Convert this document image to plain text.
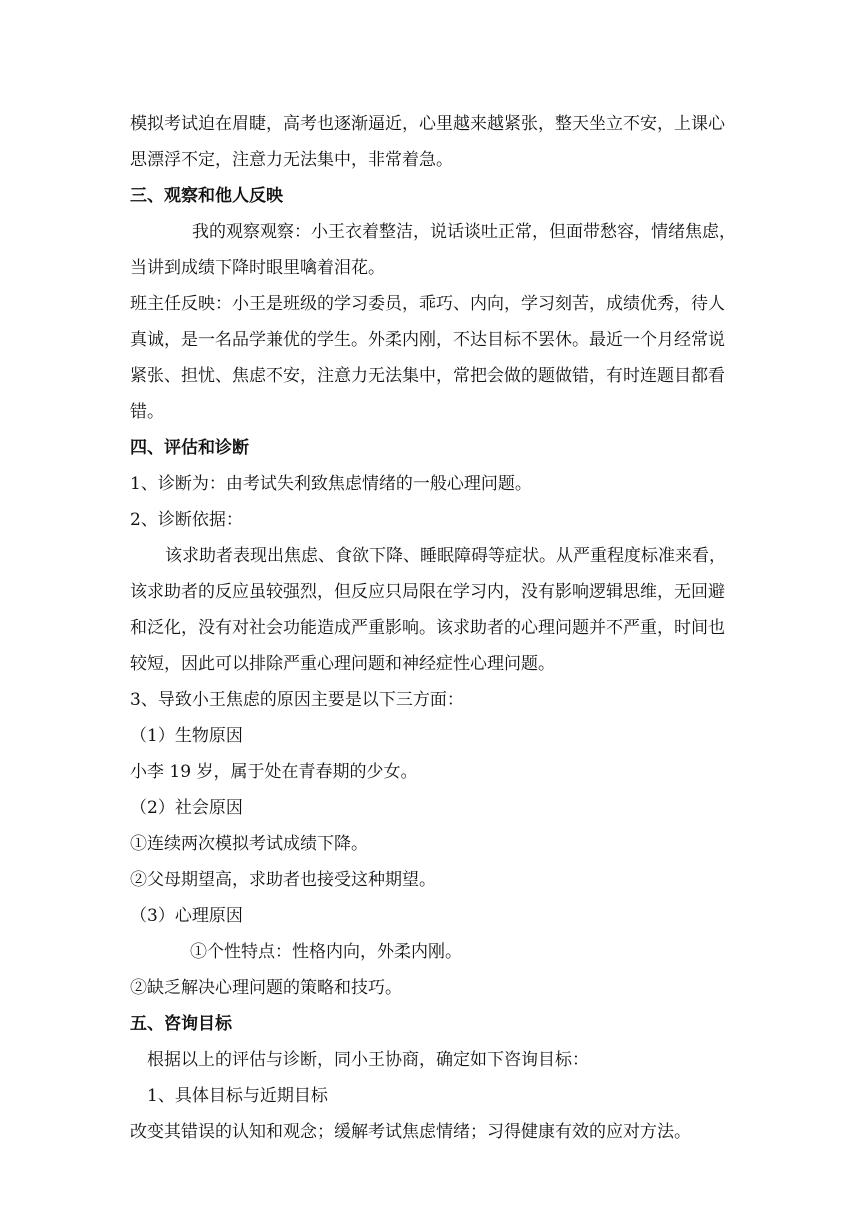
模拟考试迫在眉睫，高考也逐渐逼近，心里越来越紧张，整天坐立不安，上课心
思漂浮不定，注意力无法集中，非常着急。
三、观察和他人反映
我的观察观察：小王衣着整洁，说话谈吐正常，但面带愁容，情绪焦虑，
当讲到成绩下降时眼里噙着泪花。
班主任反映：小王是班级的学习委员，乖巧、内向，学习刻苦，成绩优秀，待人
真诚，是一名品学兼优的学生。外柔内刚，不达目标不罢休。最近一个月经常说
紧张、担忧、焦虑不安，注意力无法集中，常把会做的题做错，有时连题目都看
错。
四、评估和诊断
1、诊断为：由考试失利致焦虑情绪的一般心理问题。
2、诊断依据：
该求助者表现出焦虑、食欲下降、睡眠障碍等症状。从严重程度标准来看，
该求助者的反应虽较强烈，但反应只局限在学习内，没有影响逻辑思维，无回避
和泛化，没有对社会功能造成严重影响。该求助者的心理问题并不严重，时间也
较短，因此可以排除严重心理问题和神经症性心理问题。
3、导致小王焦虑的原因主要是以下三方面：
（1）生物原因
小李 19 岁，属于处在青春期的少女。
（2）社会原因
①连续两次模拟考试成绩下降。
②父母期望高，求助者也接受这种期望。
（3）心理原因
①个性特点：性格内向，外柔内刚。
②缺乏解决心理问题的策略和技巧。
五、咨询目标
根据以上的评估与诊断，同小王协商，确定如下咨询目标：
1、具体目标与近期目标
改变其错误的认知和观念；缓解考试焦虑情绪；习得健康有效的应对方法。
